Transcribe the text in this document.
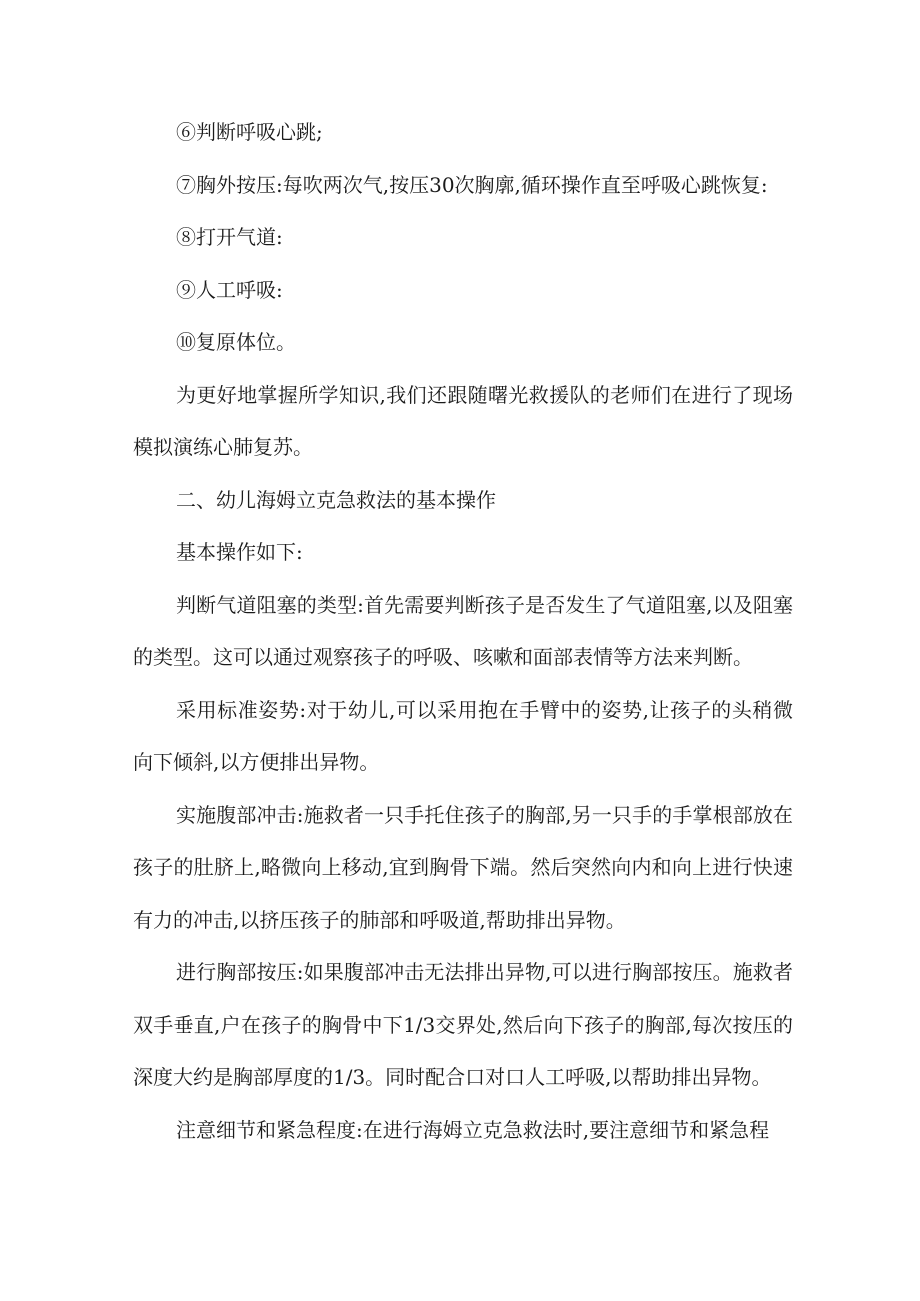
⑥判断呼吸心跳;

⑦胸外按压:每吹两次气,按压30次胸廓,循环操作直至呼吸心跳恢复:

⑧打开气道:

⑨人工呼吸:

⑩复原体位。

为更好地掌握所学知识,我们还跟随曙光救援队的老师们在进行了现场模拟演练心肺复苏。

二、幼儿海姆立克急救法的基本操作

基本操作如下:

判断气道阻塞的类型:首先需要判断孩子是否发生了气道阻塞,以及阻塞的类型。这可以通过观察孩子的呼吸、咳嗽和面部表情等方法来判断。

采用标准姿势:对于幼儿,可以采用抱在手臂中的姿势,让孩子的头稍微向下倾斜,以方便排出异物。

实施腹部冲击:施救者一只手托住孩子的胸部,另一只手的手掌根部放在孩子的肚脐上,略微向上移动,宜到胸骨下端。然后突然向内和向上进行快速有力的冲击,以挤压孩子的肺部和呼吸道,帮助排出异物。

进行胸部按压:如果腹部冲击无法排出异物,可以进行胸部按压。施救者双手垂直,户在孩子的胸骨中下1/3交界处,然后向下孩子的胸部,每次按压的深度大约是胸部厚度的1/3。同时配合口对口人工呼吸,以帮助排出异物。

注意细节和紧急程度:在进行海姆立克急救法时,要注意细节和紧急程
